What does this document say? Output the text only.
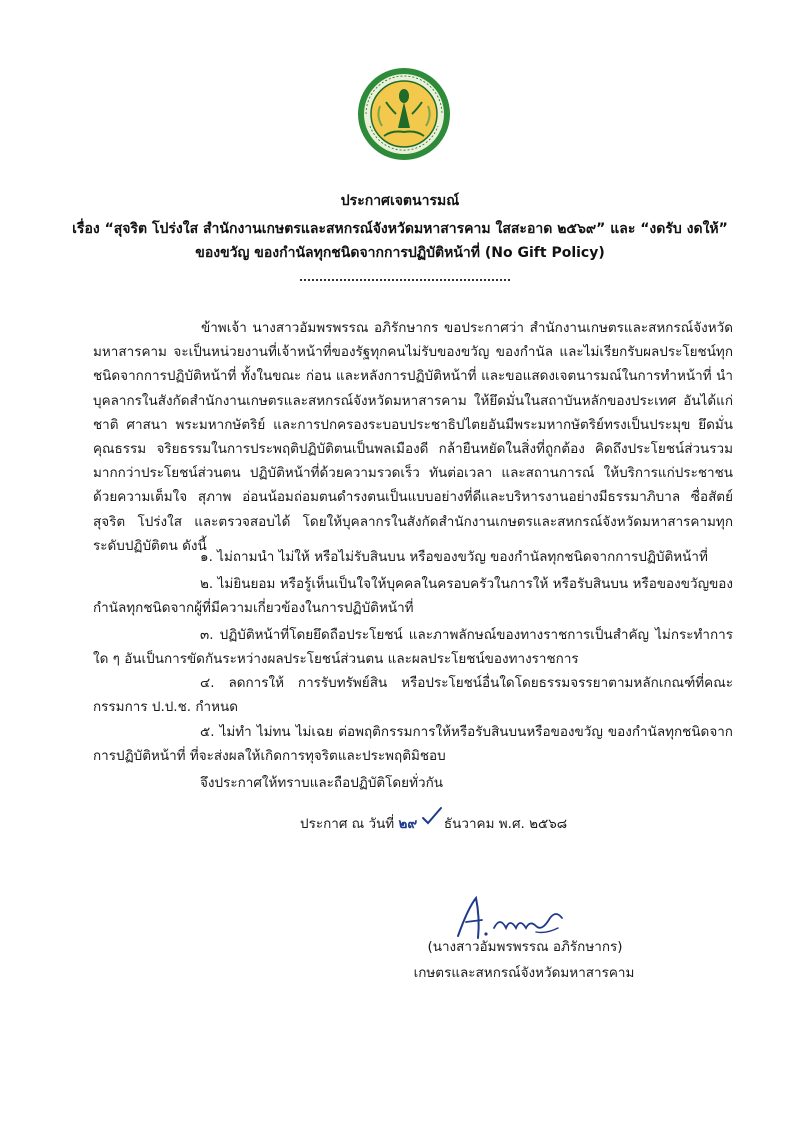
ประกาศเจตนารมณ์
เรื่อง “สุจริต โปร่งใส สำนักงานเกษตรและสหกรณ์จังหวัดมหาสารคาม ใสสะอาด ๒๕๖๙” และ “งดรับ งดให้”
ของขวัญ ของกำนัลทุกชนิดจากการปฏิบัติหน้าที่ (No Gift Policy)
ข้าพเจ้า นางสาวอัมพรพรรณ อภิรักษากร ขอประกาศว่า สำนักงานเกษตรและสหกรณ์จังหวัดมหาสารคาม จะเป็นหน่วยงานที่เจ้าหน้าที่ของรัฐทุกคนไม่รับของขวัญ ของกำนัล และไม่เรียกรับผลประโยชน์ทุกชนิดจากการปฏิบัติหน้าที่ ทั้งในขณะ ก่อน และหลังการปฏิบัติหน้าที่ และขอแสดงเจตนารมณ์ในการทำหน้าที่ นำบุคลากรในสังกัดสำนักงานเกษตรและสหกรณ์จังหวัดมหาสารคาม ให้ยึดมั่นในสถาบันหลักของประเทศ อันได้แก่ ชาติ ศาสนา พระมหากษัตริย์ และการปกครองระบอบประชาธิปไตยอันมีพระมหากษัตริย์ทรงเป็นประมุข ยึดมั่นคุณธรรม จริยธรรมในการประพฤติปฏิบัติตนเป็นพลเมืองดี กล้ายืนหยัดในสิ่งที่ถูกต้อง คิดถึงประโยชน์ส่วนรวมมากกว่าประโยชน์ส่วนตน ปฏิบัติหน้าที่ด้วยความรวดเร็ว ทันต่อเวลา และสถานการณ์ ให้บริการแก่ประชาชน ด้วยความเต็มใจ สุภาพ อ่อนน้อมถ่อมตนดำรงตนเป็นแบบอย่างที่ดีและบริหารงานอย่างมีธรรมาภิบาล ซื่อสัตย์สุจริต โปร่งใส และตรวจสอบได้ โดยให้บุคลากรในสังกัดสำนักงานเกษตรและสหกรณ์จังหวัดมหาสารคามทุกระดับปฏิบัติตน ดังนี้
๑. ไม่ถามนำ ไม่ให้ หรือไม่รับสินบน หรือของขวัญ ของกำนัลทุกชนิดจากการปฏิบัติหน้าที่
๒. ไม่ยินยอม หรือรู้เห็นเป็นใจให้บุคคลในครอบครัวในการให้ หรือรับสินบน หรือของขวัญของกำนัลทุกชนิดจากผู้ที่มีความเกี่ยวข้องในการปฏิบัติหน้าที่
๓. ปฏิบัติหน้าที่โดยยึดถือประโยชน์ และภาพลักษณ์ของทางราชการเป็นสำคัญ ไม่กระทำการใด ๆ อันเป็นการขัดกันระหว่างผลประโยชน์ส่วนตน และผลประโยชน์ของทางราชการ
๔. ลดการให้ การรับทรัพย์สิน หรือประโยชน์อื่นใดโดยธรรมจรรยาตามหลักเกณฑ์ที่คณะกรรมการ ป.ป.ช. กำหนด
๕. ไม่ทำ ไม่ทน ไม่เฉย ต่อพฤติกรรมการให้หรือรับสินบนหรือของขวัญ ของกำนัลทุกชนิดจากการปฏิบัติหน้าที่ ที่จะส่งผลให้เกิดการทุจริตและประพฤติมิชอบ
จึงประกาศให้ทราบและถือปฏิบัติโดยทั่วกัน
ประกาศ ณ วันที่ ๒๙ ธันวาคม พ.ศ. ๒๕๖๘
(นางสาวอัมพรพรรณ อภิรักษากร)
เกษตรและสหกรณ์จังหวัดมหาสารคาม
